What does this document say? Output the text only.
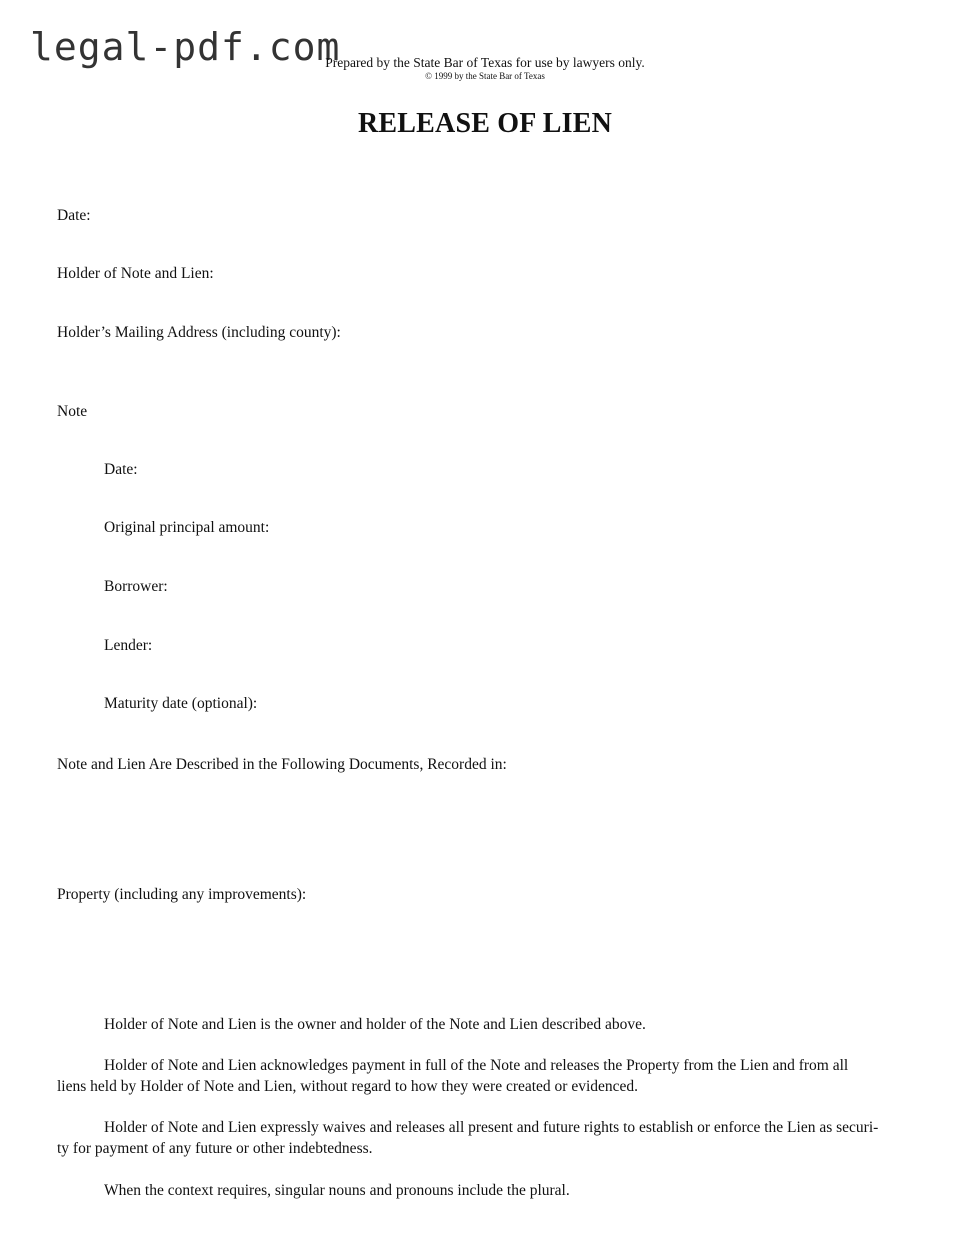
legal-pdf.com
Prepared by the State Bar of Texas for use by lawyers only.
© 1999 by the State Bar of Texas
RELEASE OF LIEN
Date:
Holder of Note and Lien:
Holder’s Mailing Address (including county):
Note
Date:
Original principal amount:
Borrower:
Lender:
Maturity date (optional):
Note and Lien Are Described in the Following Documents, Recorded in:
Property (including any improvements):
Holder of Note and Lien is the owner and holder of the Note and Lien described above.
Holder of Note and Lien acknowledges payment in full of the Note and releases the Property from the Lien and from all
liens held by Holder of Note and Lien, without regard to how they were created or evidenced.
Holder of Note and Lien expressly waives and releases all present and future rights to establish or enforce the Lien as securi-
ty for payment of any future or other indebtedness.
When the context requires, singular nouns and pronouns include the plural.
